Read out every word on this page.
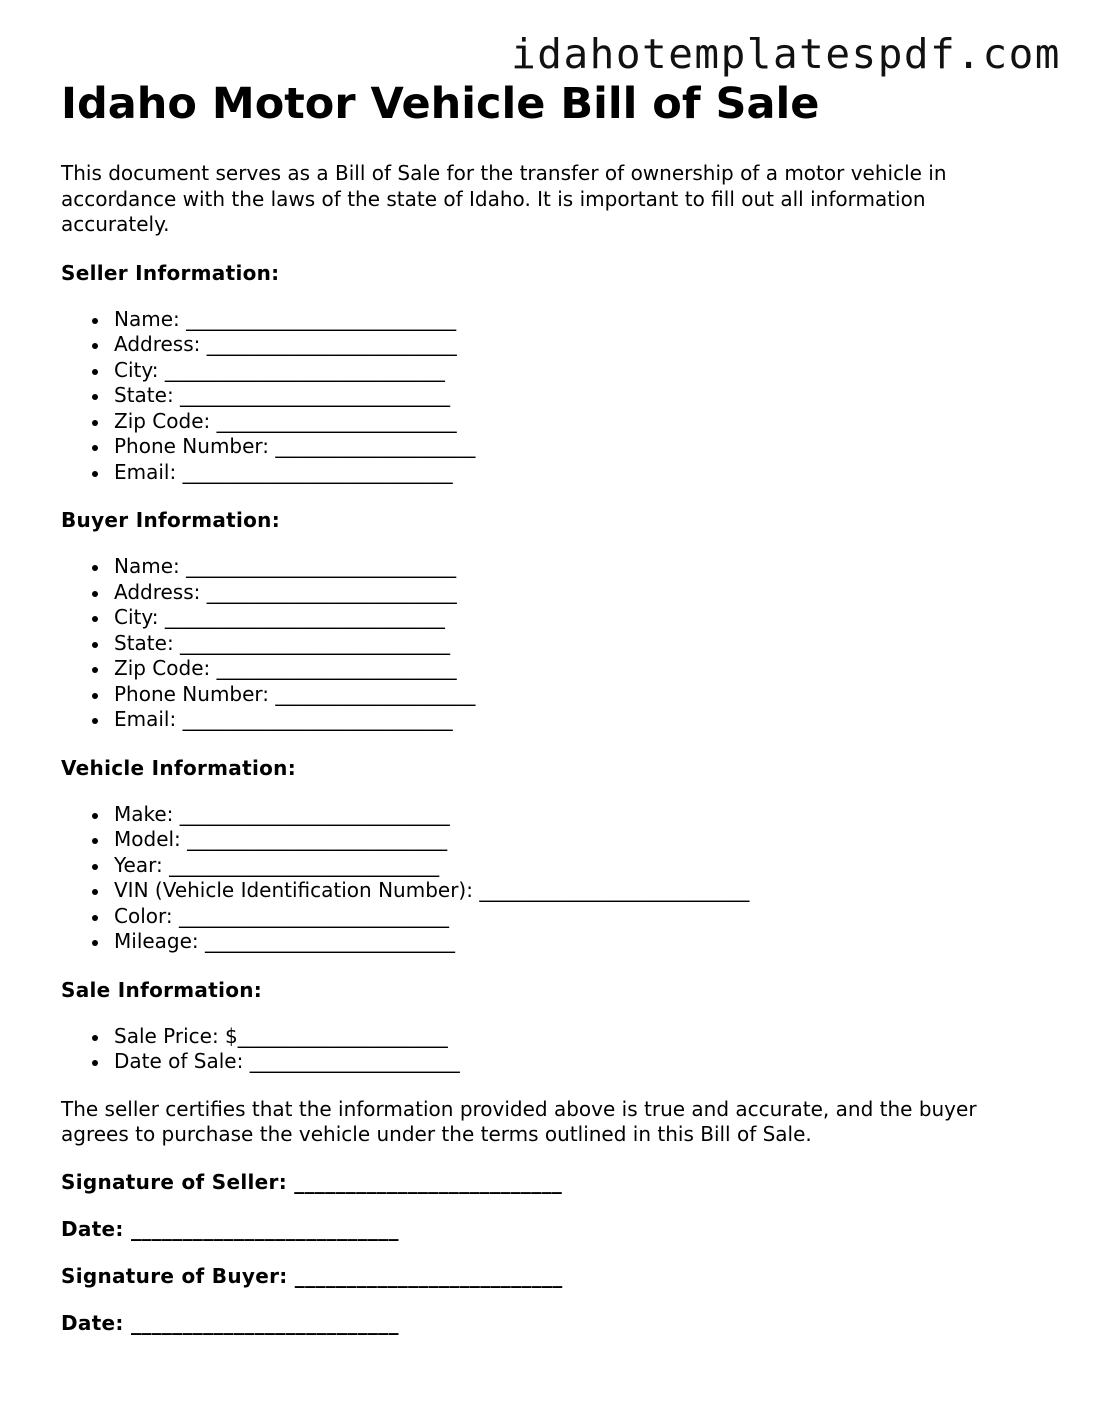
idahotemplatespdf.com
Idaho Motor Vehicle Bill of Sale

This document serves as a Bill of Sale for the transfer of ownership of a motor vehicle in accordance with the laws of the state of Idaho. It is important to fill out all information accurately.

Seller Information:
Name: ___________________________
Address: _________________________
City: ____________________________
State: ___________________________
Zip Code: ________________________
Phone Number: ____________________
Email: ___________________________
Buyer Information:
Name: ___________________________
Address: _________________________
City: ____________________________
State: ___________________________
Zip Code: ________________________
Phone Number: ____________________
Email: ___________________________
Vehicle Information:
Make: ___________________________
Model: __________________________
Year: ___________________________
VIN (Vehicle Identification Number): ___________________________
Color: ___________________________
Mileage: _________________________
Sale Information:
Sale Price: $_____________________
Date of Sale: _____________________

The seller certifies that the information provided above is true and accurate, and the buyer agrees to purchase the vehicle under the terms outlined in this Bill of Sale.

Signature of Seller: __________________________
Date: __________________________
Signature of Buyer: __________________________
Date: __________________________
